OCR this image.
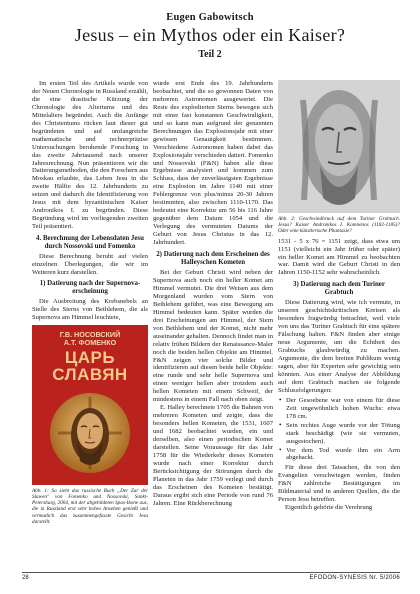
Eugen Gabowitsch
Jesus – ein Mythos oder ein Kaiser?
Teil 2

Im ersten Teil des Artikels wurde von der Neuen Chronologie in Russland erzählt, die eine drastische Kürzung der Chronologie des Altertums und des Mittelalters begründet. Auch die Anfänge des Christentums rücken laut dieser gut begründeten und auf umfangreiche mathematische und rechnerpräzise Untersuchungen beruhende Forschung in das zweite Jahrtausend nach unserer Jahresrechnung. Nun präsentieren wir die Datierungsmethoden, die den Forschern aus Moskau erlaubte, das Leben Jesu in die zweite Hälfte des 12. Jahrhunderts zu setzen und dadurch die Identifizierung von Jesus mit dem byzantinischen Kaiser Andronikos I. zu begründen. Diese Begründung wird im vorliegenden zweiten Teil präsentiert.

4. Berechnung der Lebensdaten Jesu durch Nossovski und Fomenko

Diese Berechnung beruht auf vielen einzelnen Überlegungen, die wir im Weiteren kurz darstellen.

1) Datierung nach der Supernova-erscheinung

Die Ausbreitung des Krebsnebels an Stelle des Sterns von Bethlehem, die als Supernova am Himmel leuchtete,

Г.В. НОСОВСКИЙ
А.Т. ФОМЕНКО
ЦАРЬ
СЛАВЯН
Abb. 1: So sieht das russische Buch „Der Zar der Slawen" von Fomenko und Nossovski, Sankt-Petersburg, 2004, mit der abgebildeten Spas-Ikone aus, die in Russland erst sehr hohes Ansehen genießt und vermutlich das zusammengefasste Gesicht Jesu darstellt.

wurde erst Ende des 19. Jahrhunderts beobachtet, und die so gewonnen Daten von mehreren Astronomen ausgewertet. Die Reste des explodierten Sterns bewegen sich mit einer fast konstanten Geschwindigkeit, und so kann man aufgrund der genannten Berechnungen das Explosionsjahr mit einer gewissen Genauigkeit bestimmen. Verschiedene Astronomen haben dabei das Explosionsjahr verschieden datiert. Fomenko und Nossovski (F&N) haben alle diese Ergebnisse analysiert und kommen zum Schluss, dass der zuverlässigsten Ergebnisse eine Explosion im Jahre 1140 mit einer Fehlergrenze von plus/minus 20-30 Jahren bestimmten, also zwischen 1110-1170. Das bedeutet eine Korrektur um 56 bis 116 Jahre gegenüber dem Datum 1054 und die Verlegung des vermuteten Datums der Geburt von Jesus Christus in das 12. Jahrhundert.

2) Datierung nach dem Erscheinen des Halleyschen Kometen

Bei der Geburt Christi wird neben der Supernova auch noch ein heller Komet am Himmel vermutet. Die drei Weisen aus dem Morgenland wurden vom Stern von Bethlehem geführt, was eine Bewegung am Himmel bedeuten kann. Später wurden die drei Erscheinungen am Himmel, der Stern von Bethlehem und der Komet, nicht mehr auseinander gehalten. Dennoch findet man in relativ frühen Bildern der Renaissance-Maler noch die beiden hellen Objekte am Himmel. F&N zeigen vier solche Bilder und identifizieren auf diesen beide helle Objekte: eine runde und sehr helle Supernova und einen weniger hellen aber trotzdem auch hellen Kometen mit einem Schweif, der mindestens in einem Fall nach oben zeigt.

E. Halley berechnete 1705 die Bahnen von mehreren Kometen und zeigte, dass die besonders hellen Kometen, die 1531, 1607 und 1682 beobachtet wurden, ein und derselben, also einen periodischen Komet darstellen. Seine Voraussage für das Jahr 1758 für die Wiederkehr dieses Kometen wurde nach einer Korrektur durch Berücksichtigung der Störungen durch die Planeten in das Jahr 1759 verlegt und durch das Erscheinen des Kometen bestätigt. Daraus ergibt sich eine Periode von rund 76 Jahren. Eine Rückberechnung

Abb. 2: Geschwindbruck auf dem Turiner Grabtuch. Jesus? Kaiser Andronikos I. Komnenos (1182-1185)? Oder eine künstlerische Phantasie?

1531 - 5 x 76 = 1151 zeigt, dass etwa um 1151 (vielleicht ein Jahr früher oder später) ein heller Komet am Himmel zu beobachten war. Damit wird die Geburt Christi in den Jahren 1150-1152 sehr wahrscheinlich.

3) Datierung nach dem Turiner Grabtuch

Diese Datierung wird, wie ich vermute, in unseren geschichtskritischen Kreisen als besonders fragwürdig betrachtet, weil viele von uns das Turiner Grabtuch für eine spätere Fälschung halten. F&N finden aber einige neue Argumente, um die Echtheit des Grabtuchs glaubwürdig zu machen. Argumente, die dem breiten Publikum wenig sagen, aber für Experten sehr gewichtig sein könnten. Aus einer Analyse der Abbildung auf dem Grabtuch machen sie folgende Schlussfolgerungen:

• Der Gesoebene war von einem für diese Zeit ungewöhnlich hohen Wuchs: etwa 178 cm.
• Sein rechtes Auge wurde vor der Tötung stark beschädigt (wie sie vermuten, ausgestochen).
• Vor dem Tod wurde ihm ein Arm abgehackt.

Für diese drei Tatsachen, die von den Evangelien verschwiegen werden, finden F&N zahlreiche Bestätigungen im Bildmaterial und in anderen Quellen, die die Person Jesu betreffen.

Eigentlich gehörte die Verehrung

28	EFODON-SYNESIS Nr. 5/2006
